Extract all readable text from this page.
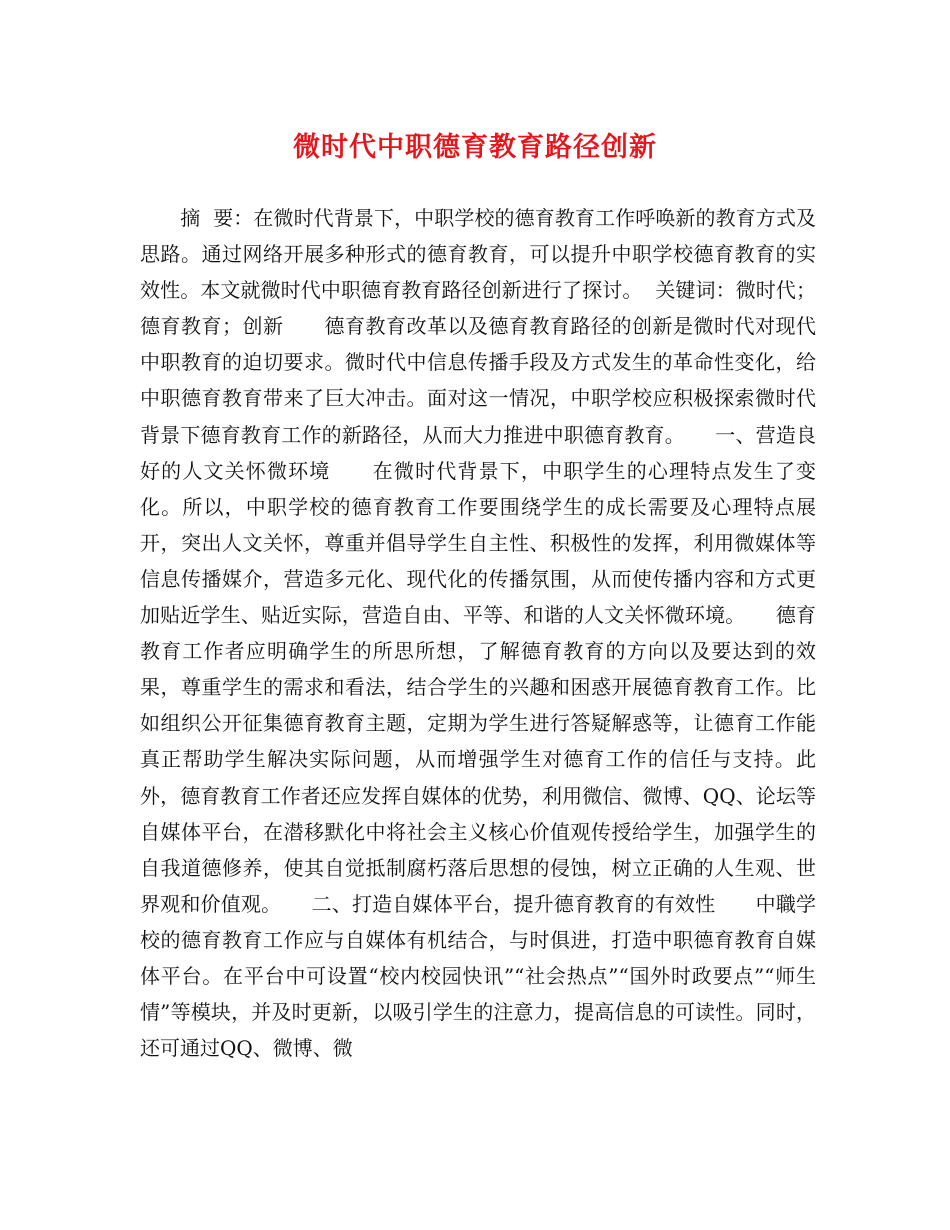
微时代中职德育教育路径创新
　　摘  要：在微时代背景下，中职学校的德育教育工作呼唤新的教育方式及思路。通过网络开展多种形式的德育教育，可以提升中职学校德育教育的实效性。本文就微时代中职德育教育路径创新进行了探讨。  关键词：微时代；德育教育；创新　　德育教育改革以及德育教育路径的创新是微时代对现代中职教育的迫切要求。微时代中信息传播手段及方式发生的革命性变化，给中职德育教育带来了巨大冲击。面对这一情况，中职学校应积极探索微时代背景下德育教育工作的新路径，从而大力推进中职德育教育。　　一、营造良好的人文关怀微环境　　在微时代背景下，中职学生的心理特点发生了变化。所以，中职学校的德育教育工作要围绕学生的成长需要及心理特点展开，突出人文关怀，尊重并倡导学生自主性、积极性的发挥，利用微媒体等信息传播媒介，营造多元化、现代化的传播氛围，从而使传播内容和方式更加贴近学生、贴近实际，营造自由、平等、和谐的人文关怀微环境。　　德育教育工作者应明确学生的所思所想，了解德育教育的方向以及要达到的效果，尊重学生的需求和看法，结合学生的兴趣和困惑开展德育教育工作。比如组织公开征集德育教育主题，定期为学生进行答疑解惑等，让德育工作能真正帮助学生解决实际问题，从而增强学生对德育工作的信任与支持。此外，德育教育工作者还应发挥自媒体的优势，利用微信、微博、QQ、论坛等自媒体平台，在潜移默化中将社会主义核心价值观传授给学生，加强学生的自我道德修养，使其自觉抵制腐朽落后思想的侵蚀，树立正确的人生观、世界观和价值观。　　二、打造自媒体平台，提升德育教育的有效性　　中職学校的德育教育工作应与自媒体有机结合，与时俱进，打造中职德育教育自媒体平台。在平台中可设置“校内校园快讯”“社会热点”“国外时政要点”“师生情”等模块，并及时更新，以吸引学生的注意力，提高信息的可读性。同时，还可通过QQ、微博、微
